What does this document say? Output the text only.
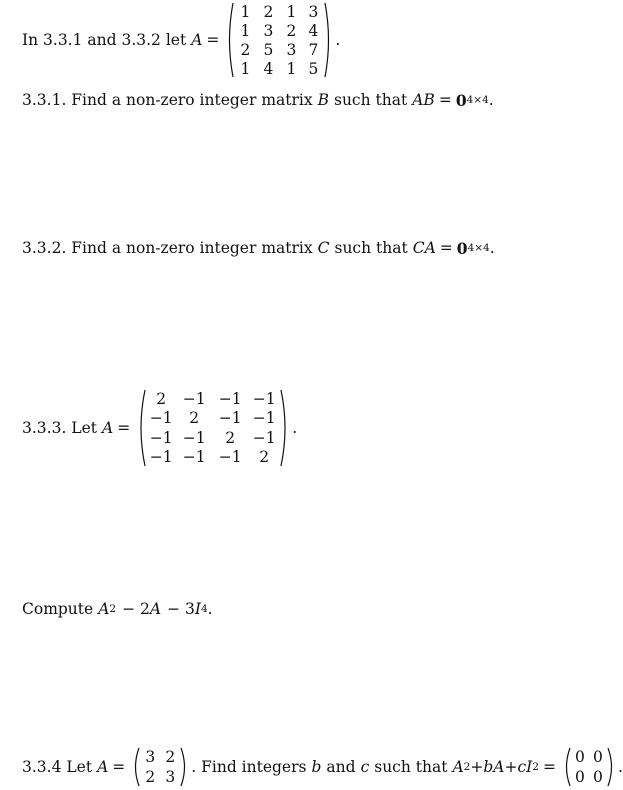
In 3.3.1 and 3.3.2 let A =
1 2 1 3
1 3 2 4
2 5 3 7
1 4 1 5
.
3.3.1. Find a non-zero integer matrix B such that AB = 0 4×4 .
3.3.2. Find a non-zero integer matrix C such that CA = 0 4×4 .
3.3.3. Let A =
2	−1 −1 −1
−1	2	−1 −1
−1 −1	2	−1
−1 −1 −1	2
.
Compute A 2 − 2 A − 3 I 4 .
3.3.4 Let A =
3 2
2 3
. Find integers b and c such that A 2 + bA + cI 2 =
0 0
0 0
.
